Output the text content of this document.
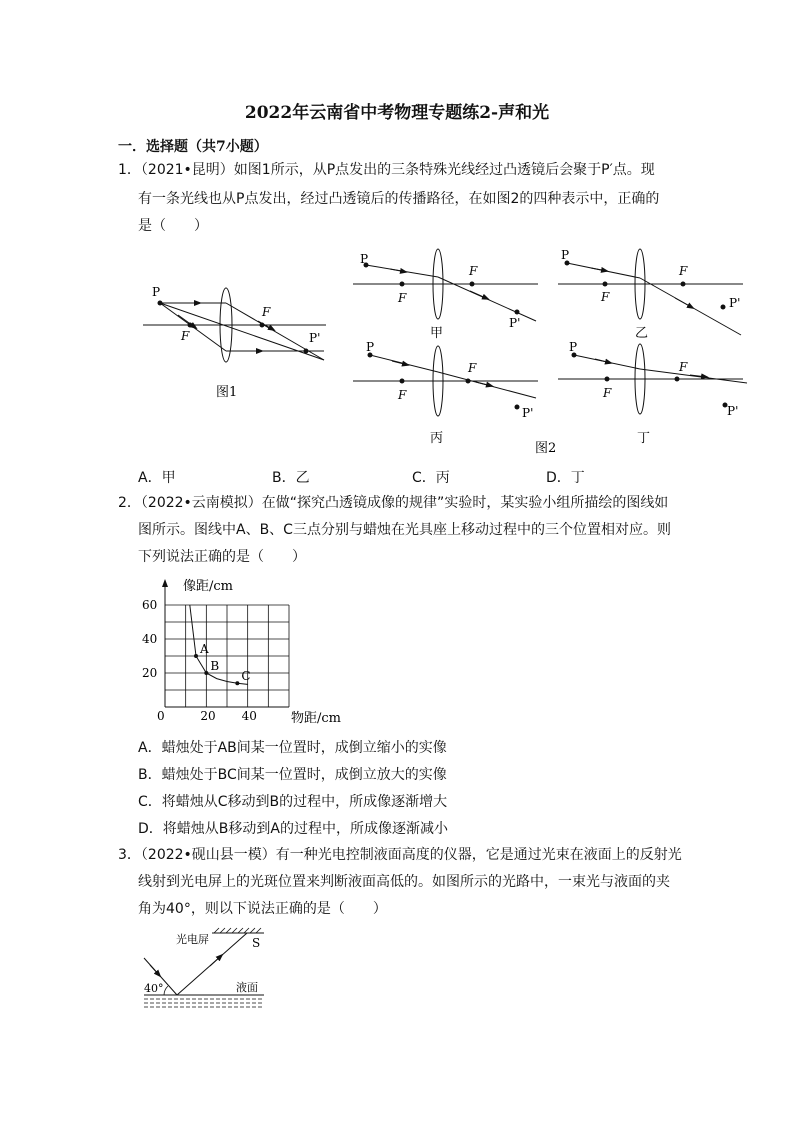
2022年云南省中考物理专题练2-声和光
一．选择题（共7小题）
1．（2021•昆明）如图1所示，从P点发出的三条特殊光线经过凸透镜后会聚于P′点。现
有一条光线也从P点发出，经过凸透镜后的传播路径，在如图2的四种表示中，正确的
是（　　）
P
F
F
P'
图1
P
F
F
P'
甲
P
F
F
P'
乙
P
F
F
P'
丙
P
F
F
P'
丁
图2
A．甲	B．乙	C．丙	D．丁
2．（2022•云南模拟）在做“探究凸透镜成像的规律”实验时，某实验小组所描绘的图线如
图所示。图线中A、B、C三点分别与蜡烛在光具座上移动过程中的三个位置相对应。则
下列说法正确的是（　　）
A
B
C
0	20 40
20
40
60
像距/cm
物距/cm
A．蜡烛处于AB间某一位置时，成倒立缩小的实像
B．蜡烛处于BC间某一位置时，成倒立放大的实像
C．将蜡烛从C移动到B的过程中，所成像逐渐增大
D．将蜡烛从B移动到A的过程中，所成像逐渐减小
3．（2022•砚山县一模）有一种光电控制液面高度的仪器，它是通过光束在液面上的反射光
线射到光电屏上的光斑位置来判断液面高低的。如图所示的光路中，一束光与液面的夹
角为40°，则以下说法正确的是（　　）
光电屏	S
40°	液面
